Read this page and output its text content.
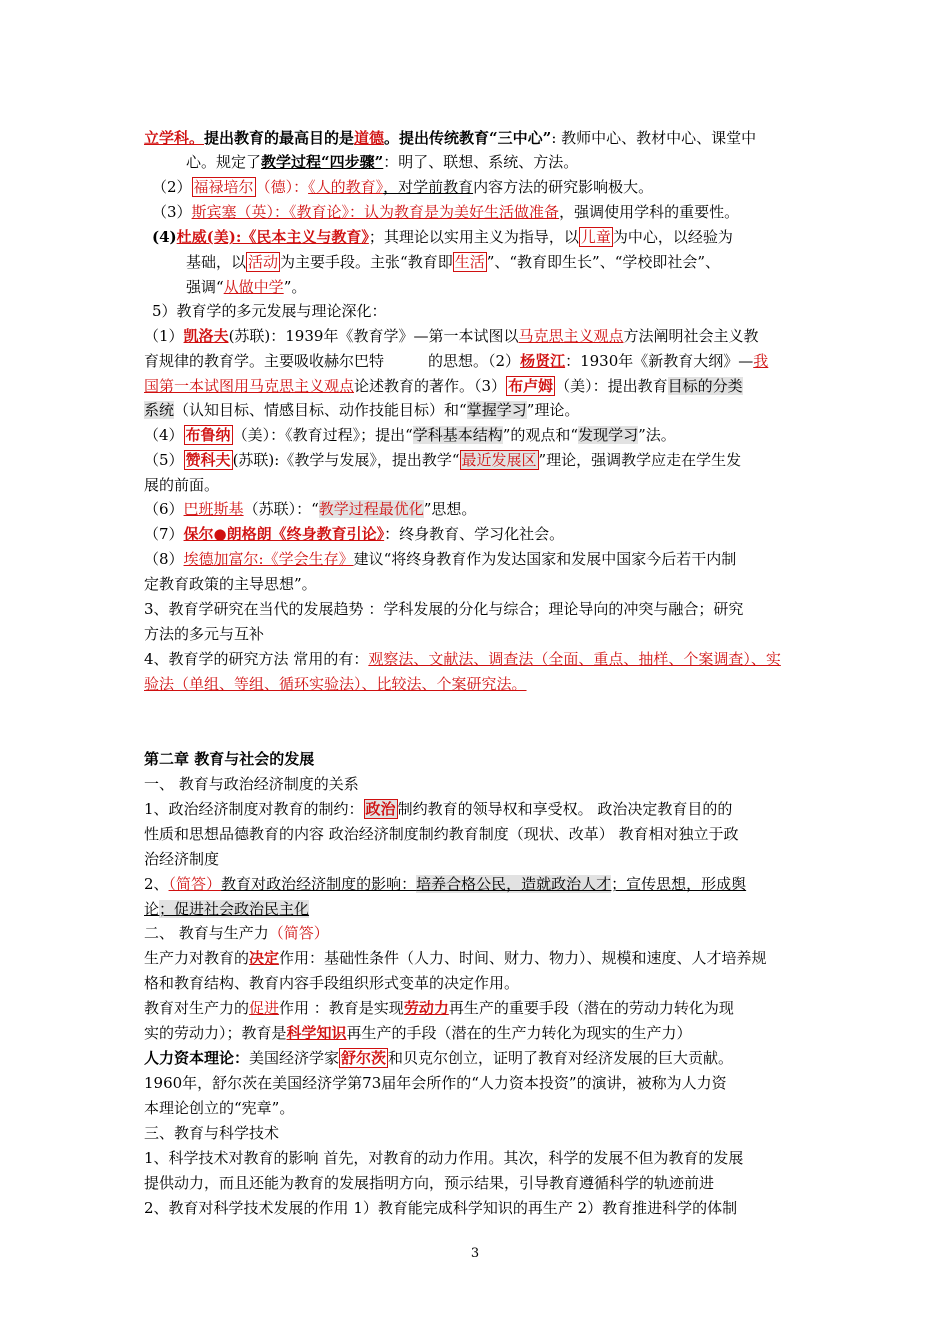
立学科。提出教育的最高目的是道德。提出传统教育“三中心”: 教师中心、教材中心、课堂中
心。规定了教学过程“四步骤”：明了、联想、系统、方法。
（2） 福禄培尔 （德）：《人的教育》，对学前教育内容方法的研究影响极大。
（3）斯宾塞（英）：《教育论》：认为教育是为美好生活做准备，强调使用学科的重要性。
(4)杜威(美):《民本主义与教育》；其理论以实用主义为指导，以 儿童 为中心，以经验为
基础，以 活动 为主要手段。主张“教育即 生活 ”、“教育即生长”、“学校即社会”、
强调“从做中学”。
5）教育学的多元发展与理论深化：
（1）凯洛夫(苏联)：1939年《教育学》—第一本试图以马克思主义观点方法阐明社会主义教
育规律的教育学。主要吸收赫尔巴特	的思想。（2）杨贤江：1930年《新教育大纲》—我
国第一本试图用马克思主义观点论述教育的著作。（3） 布卢姆 （美）：提出教育目标的分类
系统（认知目标、情感目标、动作技能目标）和“掌握学习”理论。
（4） 布鲁纳 （美）：《教育过程》；提出“学科基本结构”的观点和“发现学习”法。
（5） 赞科夫 (苏联):《教学与发展》，提出教学“ 最近发展区 ”理论，强调教学应走在学生发
展的前面。
（6）巴班斯基（苏联）：“教学过程最优化”思想。
（7）保尔●朗格朗《终身教育引论》：终身教育、学习化社会。
（8）埃德加富尔:《学会生存》建议“将终身教育作为发达国家和发展中国家今后若干内制
定教育政策的主导思想”。
3、教育学研究在当代的发展趋势 ：学科发展的分化与综合；理论导向的冲突与融合；研究
方法的多元与互补
4、教育学的研究方法 常用的有：观察法、文献法、调查法（全面、重点、抽样、个案调查）、实
验法（单组、等组、循环实验法）、比较法、个案研究法。
第二章 教育与社会的发展
一、 教育与政治经济制度的关系
1、政治经济制度对教育的制约： 政治 制约教育的领导权和享受权。 政治决定教育目的的
性质和思想品德教育的内容 政治经济制度制约教育制度（现状、改革） 教育相对独立于政
治经济制度
2、（简答）教育对政治经济制度的影响：培养合格公民，造就政治人才；宣传思想，形成舆
论；促进社会政治民主化
二、 教育与生产力（简答）
生产力对教育的决定作用：基础性条件（人力、时间、财力、物力）、规模和速度、人才培养规
格和教育结构、教育内容手段组织形式变革的决定作用。
教育对生产力的促进作用 ：教育是实现劳动力再生产的重要手段（潜在的劳动力转化为现
实的劳动力）；教育是科学知识再生产的手段（潜在的生产力转化为现实的生产力）
人力资本理论：美国经济学家 舒尔茨 和贝克尔创立，证明了教育对经济发展的巨大贡献。
1960年，舒尔茨在美国经济学第73届年会所作的“人力资本投资”的演讲，被称为人力资
本理论创立的“宪章”。
三、教育与科学技术
1、科学技术对教育的影响 首先，对教育的动力作用。其次，科学的发展不但为教育的发展
提供动力，而且还能为教育的发展指明方向，预示结果，引导教育遵循科学的轨迹前进
2、教育对科学技术发展的作用 1）教育能完成科学知识的再生产 2）教育推进科学的体制
3
